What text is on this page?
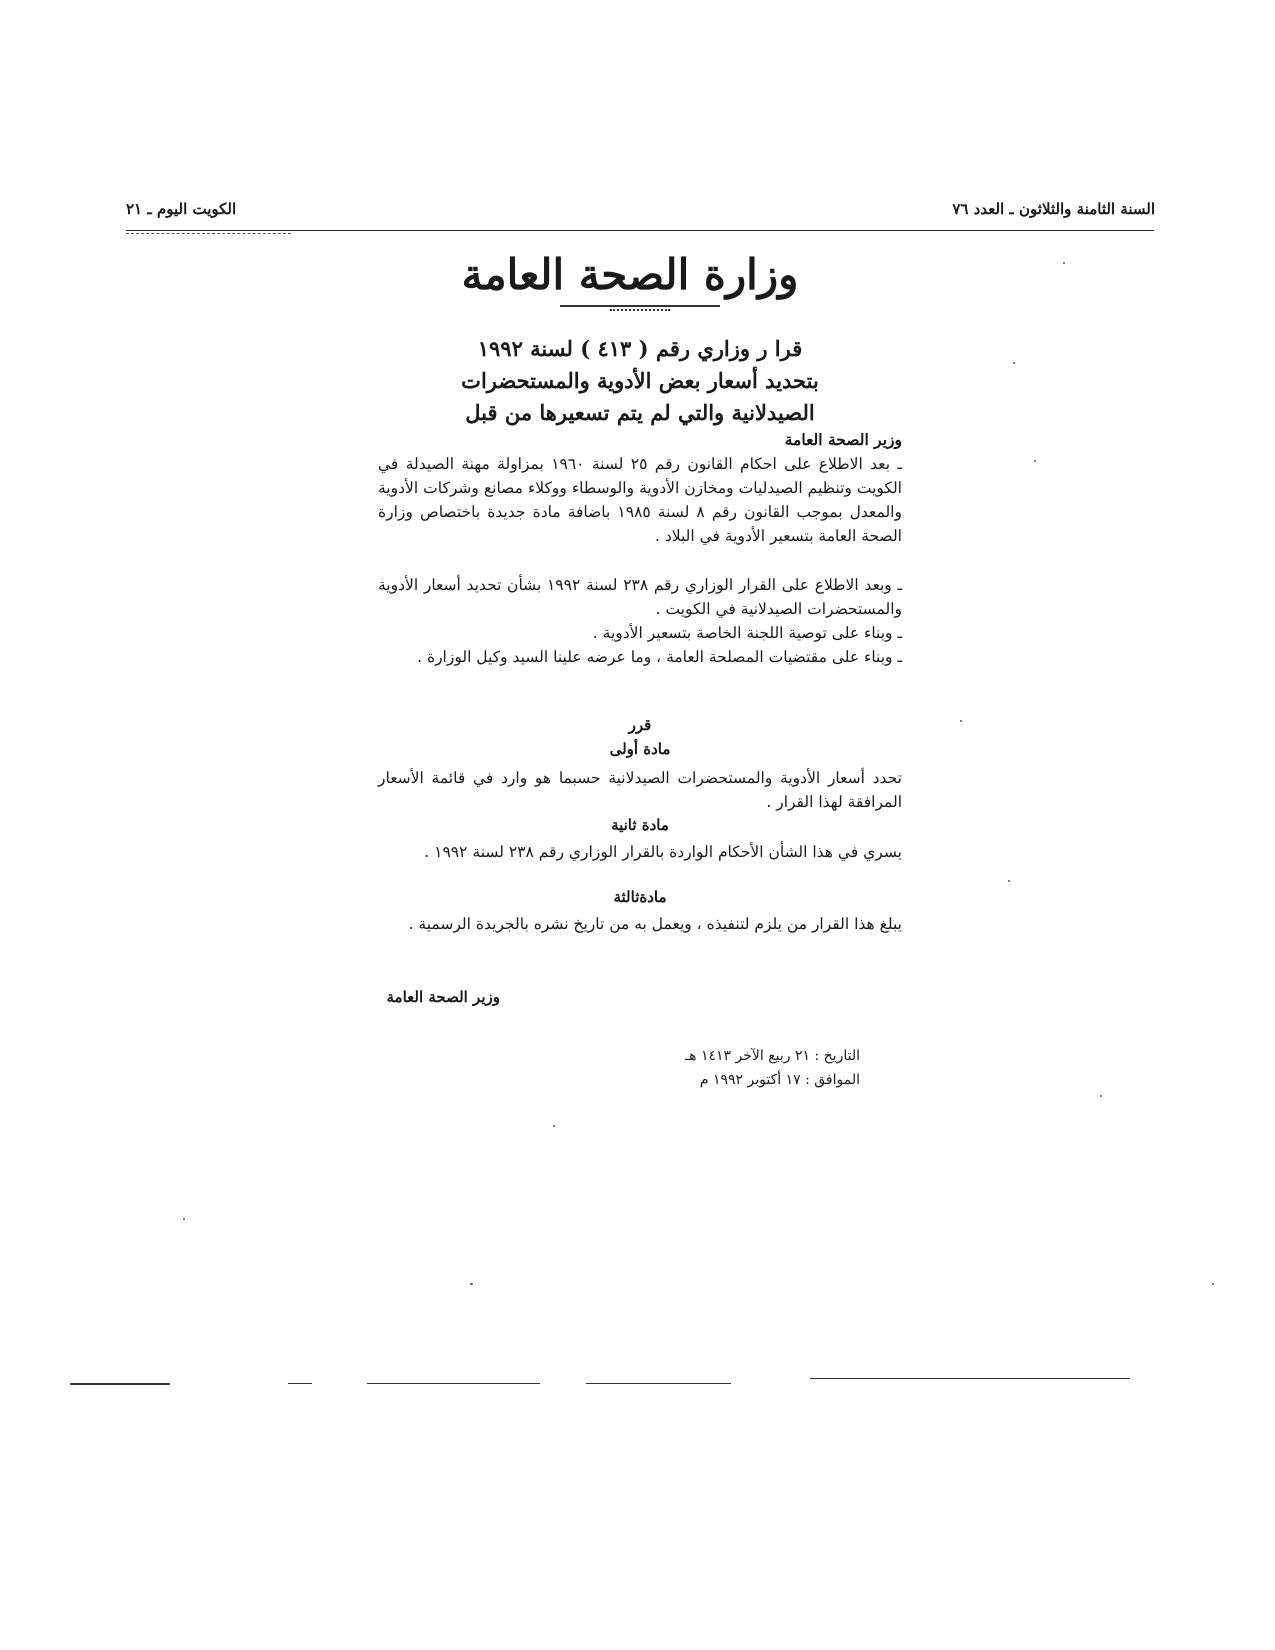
السنة الثامنة والثلاثون ـ العدد ٧٦
الكويت اليوم ـ ٢١
وزارة الصحة العامة
قرا ر وزاري رقم ( ٤١٣ ) لسنة ١٩٩٢
بتحديد أسعار بعض الأدوية والمستحضرات
الصيدلانية والتي لم يتم تسعيرها من قبل
وزير الصحة العامة
ـ بعد الاطلاع على احكام القانون رقم ٢٥ لسنة ١٩٦٠ بمزاولة مهنة الصيدلة في الكويت وتنظيم الصيدليات ومخازن الأدوية والوسطاء ووكلاء مصانع وشركات الأدوية والمعدل بموجب القانون رقم ٨ لسنة ١٩٨٥ باضافة مادة جديدة باختصاص وزارة الصحة العامة بتسعير الأدوية في البلاد .
ـ وبعد الاطلاع على القرار الوزاري رقم ٢٣٨ لسنة ١٩٩٢ بشأن تحديد أسعار الأدوية والمستحضرات الصيدلانية في الكويت .
ـ وبناء على توصية اللجنة الخاصة بتسعير الأدوية .
ـ وبناء على مقتضيات المصلحة العامة ، وما عرضه علينا السيد وكيل الوزارة .
قرر
مادة أولى
تحدد أسعار الأدوية والمستحضرات الصيدلانية حسبما هو وارد في قائمة الأسعار المرافقة لهذا القرار .
مادة ثانية
يسري في هذا الشأن الأحكام الواردة بالقرار الوزاري رقم ٢٣٨ لسنة ١٩٩٢ .
مادةثالثة
يبلغ هذا القرار من يلزم لتنفيذه ، ويعمل به من تاريخ نشره بالجريدة الرسمية .
وزير الصحة العامة
التاريخ : ٢١ ربيع الآخر ١٤١٣ هـ
الموافق : ١٧ أكتوبر ١٩٩٢ م
